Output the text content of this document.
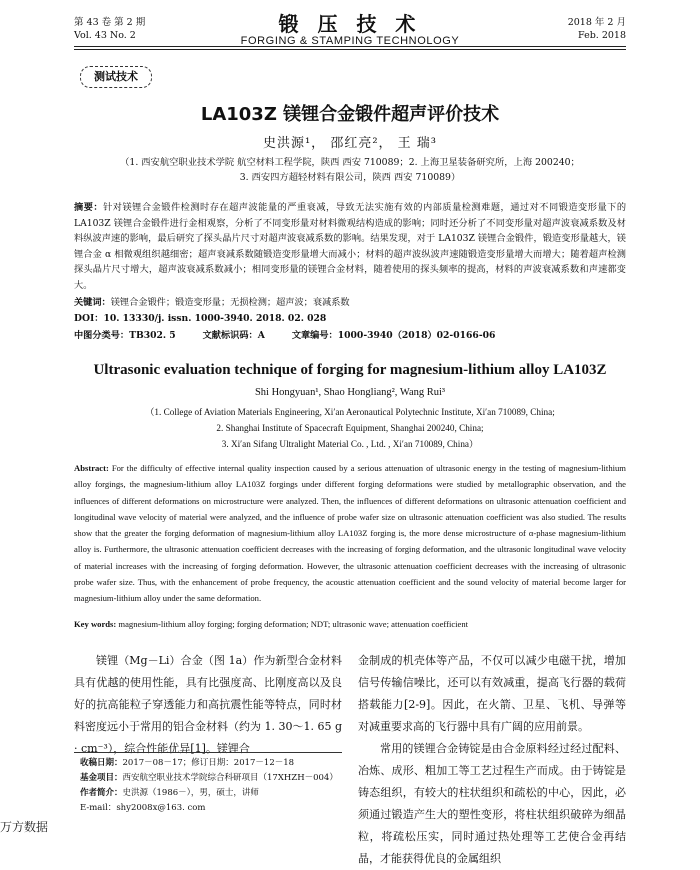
第 43 卷 第 2 期
Vol. 43 No. 2	锻 压 技 术
FORGING & STAMPING TECHNOLOGY
2018 年 2 月
Feb. 2018
测试技术
LA103Z 镁锂合金锻件超声评价技术
史洪源¹， 邵红亮²， 王 瑞³
（1. 西安航空职业技术学院 航空材料工程学院，陕西 西安 710089；2. 上海卫星装备研究所，上海 200240；
3. 西安四方超轻材料有限公司，陕西 西安 710089）
摘要：针对镁锂合金锻件检测时存在超声波能量的严重衰减，导致无法实施有效的内部质量检测难题，通过对不同锻造变形量下的 LA103Z 镁锂合金锻件进行金相观察，分析了不同变形量对材料微观结构造成的影响；同时还分析了不同变形量对超声波衰减系数及材料纵波声速的影响，最后研究了探头晶片尺寸对超声波衰减系数的影响。结果发现，对于 LA103Z 镁锂合金锻件，锻造变形量越大，镁锂合金 α 相微观组织越细密；超声衰减系数随锻造变形量增大而减小；材料的超声波纵波声速随锻造变形量增大而增大；随着超声检测探头晶片尺寸增大，超声波衰减系数减小；相同变形量的镁锂合金材料，随着使用的探头频率的提高，材料的声波衰减系数和声速都变大。
关键词：镁锂合金锻件；锻造变形量；无损检测；超声波；衰减系数
DOI：10. 13330/j. issn. 1000-3940. 2018. 02. 028
中图分类号：TB302. 5	文献标识码：A	文章编号：1000-3940（2018）02-0166-06
Ultrasonic evaluation technique of forging for magnesium-lithium alloy LA103Z
Shi Hongyuan¹, Shao Hongliang², Wang Rui³
（1. College of Aviation Materials Engineering, Xi′an Aeronautical Polytechnic Institute, Xi′an 710089, China;
2. Shanghai Institute of Spacecraft Equipment, Shanghai 200240, China;
3. Xi′an Sifang Ultralight Material Co. , Ltd. , Xi′an 710089, China）
Abstract: For the difficulty of effective internal quality inspection caused by a serious attenuation of ultrasonic energy in the testing of magnesium-lithium alloy forgings, the magnesium-lithium alloy LA103Z forgings under different forging deformations were studied by metallographic observation, and the influences of different deformations on microstructure were analyzed. Then, the influences of different deformations on ultrasonic attenuation coefficient and longitudinal wave velocity of material were analyzed, and the influence of probe wafer size on ultrasonic attenuation coefficient was also studied. The results show that the greater the forging deformation of magnesium-lithium alloy LA103Z forging is, the more dense microstructure of α-phase magnesium-lithium alloy is. Furthermore, the ultrasonic attenuation coefficient decreases with the increasing of forging deformation, and the ultrasonic longitudinal wave velocity of material increases with the increasing of forging deformation. However, the ultrasonic attenuation coefficient decreases with the increasing of ultrasonic probe wafer size. Thus, with the enhancement of probe frequency, the acoustic attenuation coefficient and the sound velocity of material become larger for magnesium-lithium alloy under the same deformation.
Key words: magnesium-lithium alloy forging; forging deformation; NDT; ultrasonic wave; attenuation coefficient
镁锂（Mg－Li）合金（图 1a）作为新型合金材料具有优越的使用性能，具有比强度高、比刚度高以及良好的抗高能粒子穿透能力和高抗震性能等特点，同时材料密度远小于常用的铝合金材料（约为 1. 30～1. 65 g · cm⁻³），综合性能优异[1]。镁锂合
金制成的机壳体等产品，不仅可以减少电磁干扰，增加信号传输信噪比，还可以有效减重，提高飞行器的载荷搭载能力[2-9]。因此，在火箭、卫星、飞机、导弹等对减重要求高的飞行器中具有广阔的应用前景。
常用的镁锂合金铸锭是由合金原料经过经过配料、冶炼、成形、粗加工等工艺过程生产而成。由于铸锭是铸态组织，有较大的柱状组织和疏松的中心，因此，必须通过锻造产生大的塑性变形，将柱状组织破碎为细晶粒，将疏松压实，同时通过热处理等工艺使合金再结晶，才能获得优良的金属组织
收稿日期：2017－08－17；修订日期：2017－12－18
基金项目：西安航空职业技术学院综合科研项目（17XHZH－004）
作者简介：史洪源（1986－），男，硕士，讲师
E-mail：shy2008x@163. com
万方数据
